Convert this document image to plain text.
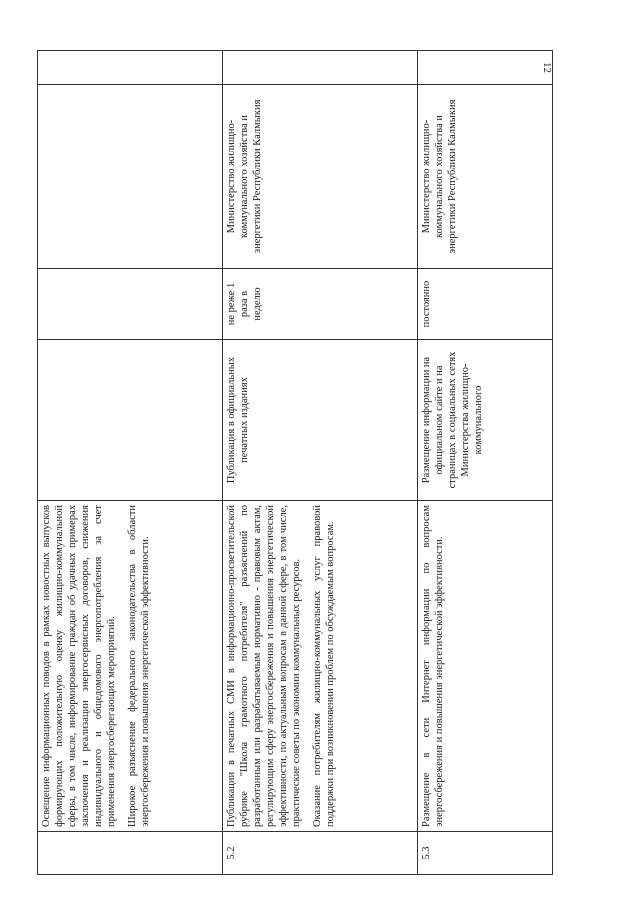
12

	Освещение информационных поводов в рамках новостных выпусков формирующих положительную оценку жилищно-коммунальной сферы, в том числе, информирование граждан об удачных примерах заключения и реализации энергосервисных договоров, снижения индивидуального и общедомового энергопотребления за счет применения энергосберегающих мероприятий. Широкое разъяснение федерального законодательства в области энергосбережения и повышения энергетической эффективности.				

5.2	Публикации в печатных СМИ в информационно-просветительской рубрике "Школа грамотного потребителя" разъяснений по разработанным или разрабатываемым нормативно - правовым актам, регулирующим сферу энергосбережения и повышения энергетической эффективности, по актуальным вопросам в данной сфере, в том числе, практические советы по экономии коммунальных ресурсов. Оказание потребителям жилищно-коммунальных услуг правовой поддержки при возникновении проблем по обсуждаемым вопросам.	Публикация в официальных печатных изданиях	не реже 1 раза в неделю	Министерство жилищно-коммунального хозяйства и энергетики Республики Калмыкия	
5.3	Размещение в сети Интернет информации по вопросам энергосбережения и повышения энергетической эффективности.	Размещение информации на официальном сайте и на страницах в социальных сетях Министерства жилищно-коммунального	постоянно	Министерство жилищно-коммунального хозяйства и энергетики Республики Калмыкия	
